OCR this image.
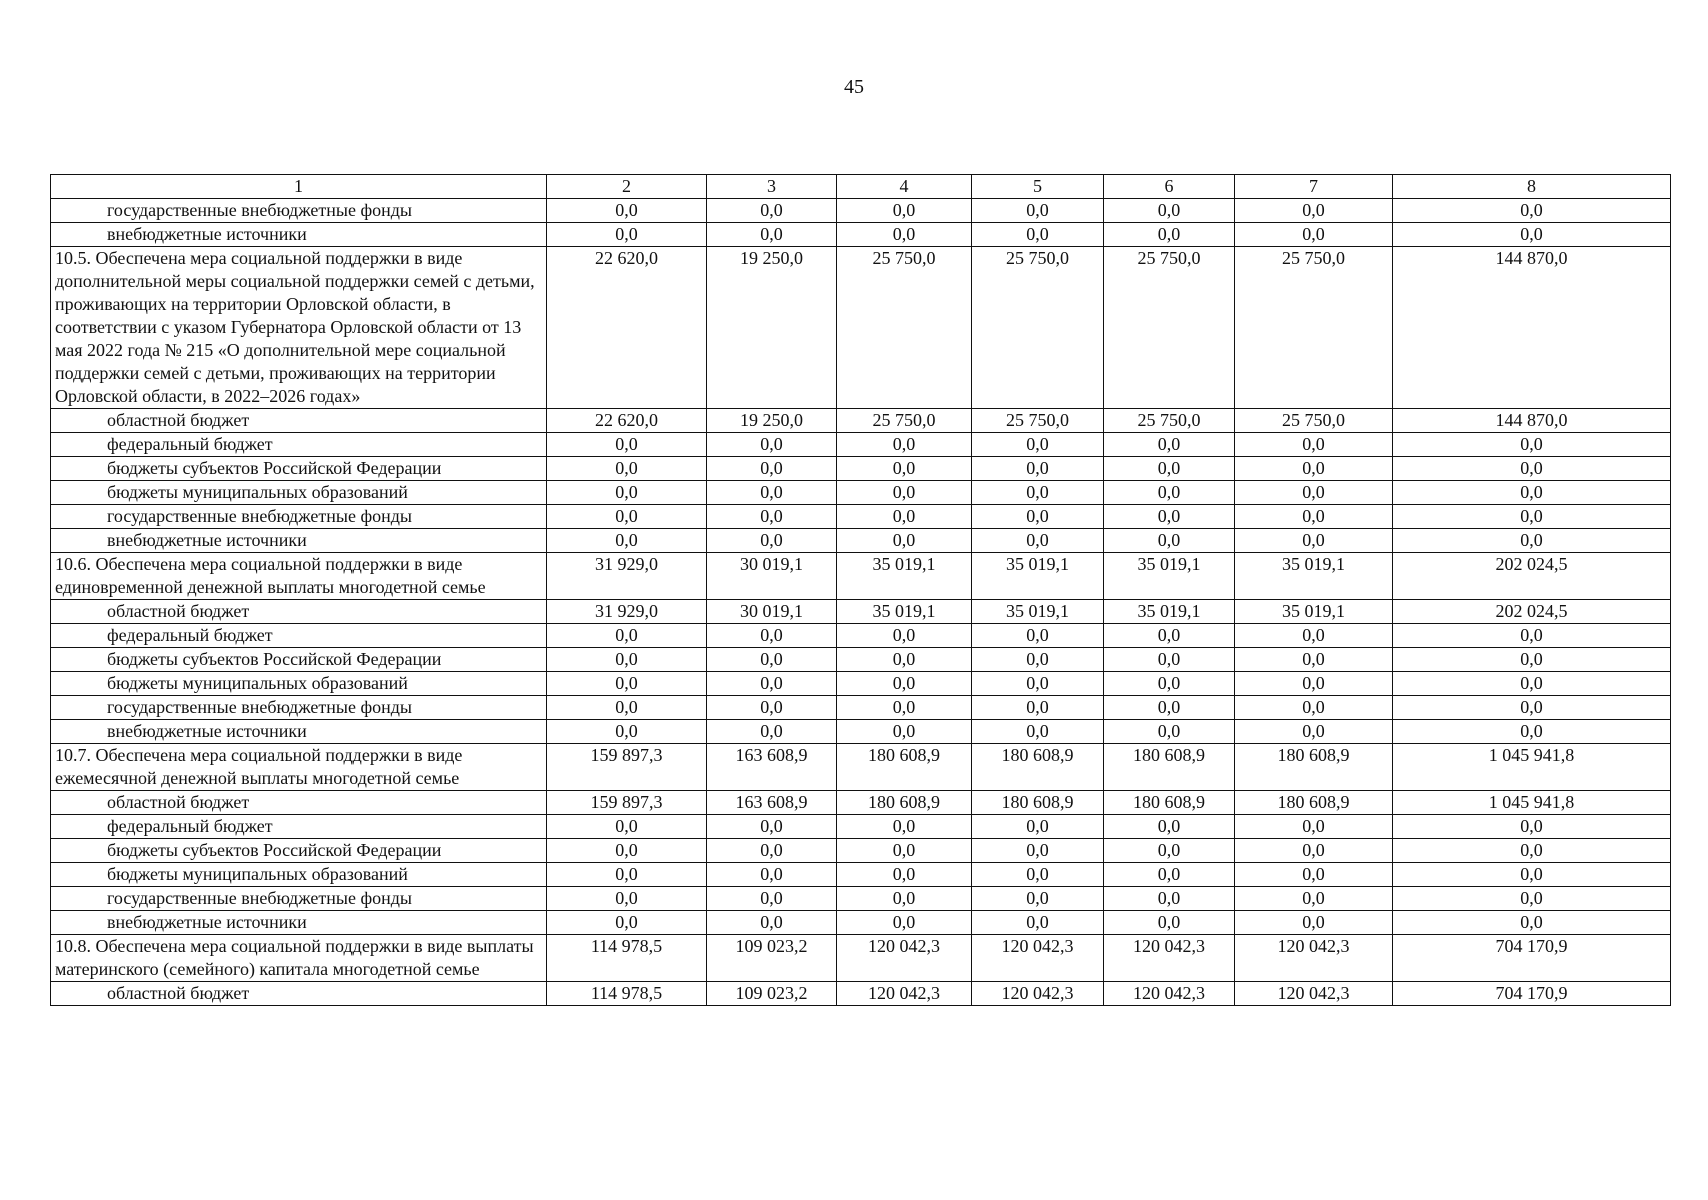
45
1	2	3	4	5	6	7	8
государственные внебюджетные фонды	0,0	0,0	0,0	0,0	0,0	0,0	0,0
внебюджетные источники	0,0	0,0	0,0	0,0	0,0	0,0	0,0
10.5. Обеспечена мера социальной поддержки в виде дополнительной меры социальной поддержки семей с детьми, проживающих на территории Орловской области, в соответствии с указом Губернатора Орловской области от 13 мая 2022 года № 215 «О дополнительной мере социальной поддержки семей с детьми, проживающих на территории Орловской области, в 2022–2026 годах»	22 620,0	19 250,0	25 750,0	25 750,0	25 750,0	25 750,0	144 870,0
областной бюджет	22 620,0	19 250,0	25 750,0	25 750,0	25 750,0	25 750,0	144 870,0
федеральный бюджет	0,0	0,0	0,0	0,0	0,0	0,0	0,0
бюджеты субъектов Российской Федерации	0,0	0,0	0,0	0,0	0,0	0,0	0,0
бюджеты муниципальных образований	0,0	0,0	0,0	0,0	0,0	0,0	0,0
государственные внебюджетные фонды	0,0	0,0	0,0	0,0	0,0	0,0	0,0
внебюджетные источники	0,0	0,0	0,0	0,0	0,0	0,0	0,0
10.6. Обеспечена мера социальной поддержки в виде единовременной денежной выплаты многодетной семье	31 929,0	30 019,1	35 019,1	35 019,1	35 019,1	35 019,1	202 024,5
областной бюджет	31 929,0	30 019,1	35 019,1	35 019,1	35 019,1	35 019,1	202 024,5
федеральный бюджет	0,0	0,0	0,0	0,0	0,0	0,0	0,0
бюджеты субъектов Российской Федерации	0,0	0,0	0,0	0,0	0,0	0,0	0,0
бюджеты муниципальных образований	0,0	0,0	0,0	0,0	0,0	0,0	0,0
государственные внебюджетные фонды	0,0	0,0	0,0	0,0	0,0	0,0	0,0
внебюджетные источники	0,0	0,0	0,0	0,0	0,0	0,0	0,0
10.7. Обеспечена мера социальной поддержки в виде ежемесячной денежной выплаты многодетной семье	159 897,3	163 608,9	180 608,9	180 608,9	180 608,9	180 608,9	1 045 941,8
областной бюджет	159 897,3	163 608,9	180 608,9	180 608,9	180 608,9	180 608,9	1 045 941,8
федеральный бюджет	0,0	0,0	0,0	0,0	0,0	0,0	0,0
бюджеты субъектов Российской Федерации	0,0	0,0	0,0	0,0	0,0	0,0	0,0
бюджеты муниципальных образований	0,0	0,0	0,0	0,0	0,0	0,0	0,0
государственные внебюджетные фонды	0,0	0,0	0,0	0,0	0,0	0,0	0,0
внебюджетные источники	0,0	0,0	0,0	0,0	0,0	0,0	0,0
10.8. Обеспечена мера социальной поддержки в виде выплаты материнского (семейного) капитала многодетной семье	114 978,5	109 023,2	120 042,3	120 042,3	120 042,3	120 042,3	704 170,9
областной бюджет	114 978,5	109 023,2	120 042,3	120 042,3	120 042,3	120 042,3	704 170,9
